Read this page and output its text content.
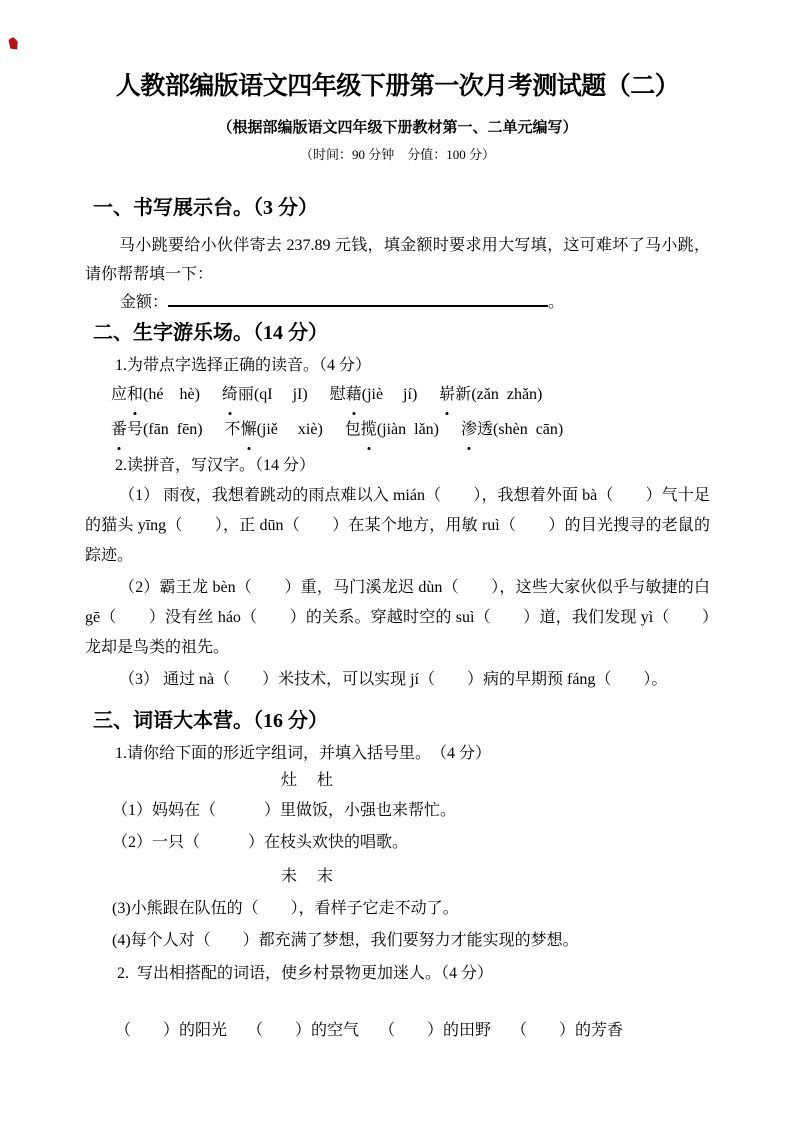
人教部编版语文四年级下册第一次月考测试题（二）
（根据部编版语文四年级下册教材第一、二单元编写）
（时间：90 分钟　分值：100 分）
一、书写展示台。（3 分）
马小跳要给小伙伴寄去 237.89 元钱，填金额时要求用大写填，这可难坏了马小跳，请你帮帮填一下：
金额：	。
二、生字游乐场。（14 分）
1.为带点字选择正确的读音。（4 分）
应和(hé　hè) 绮丽(qI　 jI) 慰藉(jiè　 jí) 崭新(zǎn  zhǎn)
番号(fān  fēn) 不懈(jiě　 xiè) 包揽(jiàn  lǎn) 渗透(shèn  cān)
2.读拼音，写汉字。（14 分）
（1） 雨夜，我想着跳动的雨点难以入 mián（　　），我想着外面 bà（　　）气十足的猫头 yīng（　　），正 dūn（　　）在某个地方，用敏 ruì（　　）的目光搜寻的老鼠的踪迹。
（2）霸王龙 bèn（　　）重，马门溪龙迟 dùn（　　），这些大家伙似乎与敏捷的白gē（　　）没有丝 háo（　　）的关系。穿越时空的 suì（　　）道，我们发现 yì（　　）龙却是鸟类的祖先。
（3） 通过 nà（　　）米技术，可以实现 jí（　　）病的早期预 fáng（　　）。
三、词语大本营。（16 分）
1.请你给下面的形近字组词，并填入括号里。　（4 分）
灶　 杜
（1）妈妈在（　　　）里做饭，小强也来帮忙。
（2）一只（　　　）在枝头欢快的唱歌。
未　 末
(3)小熊跟在队伍的（　　），看样子它走不动了。
(4)每个人对（　　）都充满了梦想，我们要努力才能实现的梦想。
2.  写出相搭配的词语，使乡村景物更加迷人。（4 分）
（　　）的阳光　 （　　）的空气　 （　　）的田野　 （　　）的芳香
